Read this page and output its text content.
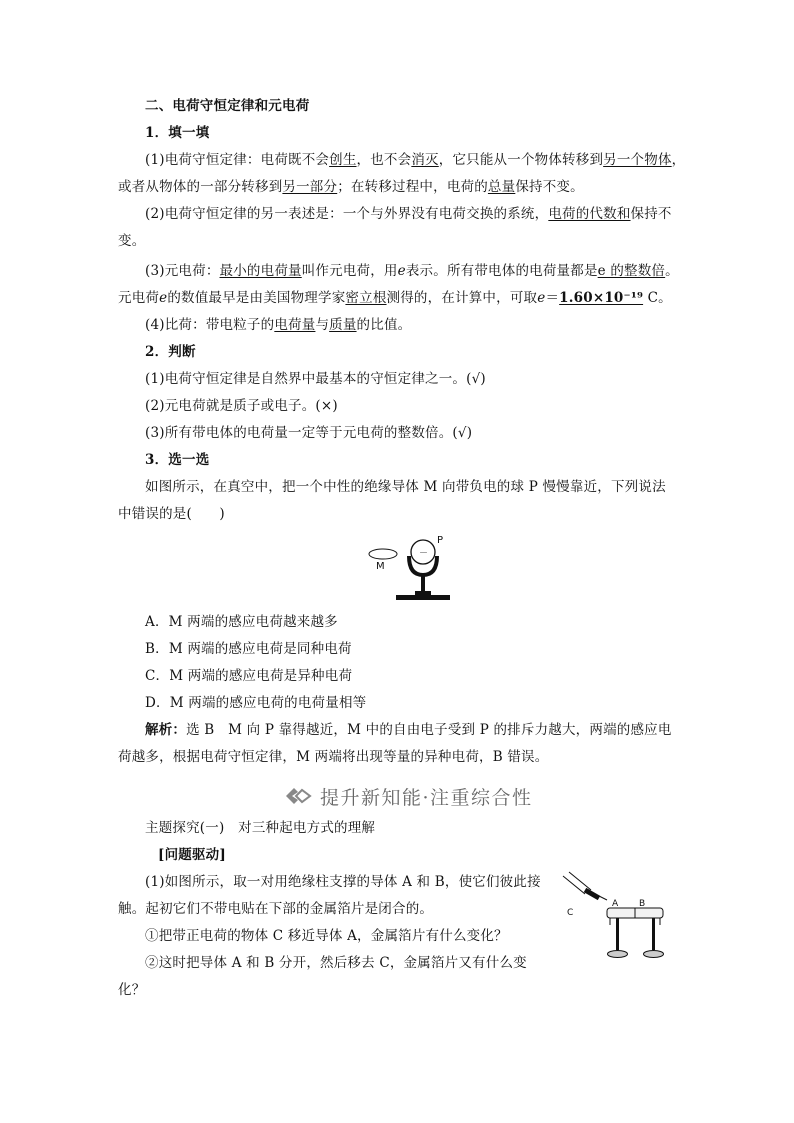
二、电荷守恒定律和元电荷
1．填一填
(1)电荷守恒定律：电荷既不会创生，也不会消灭，它只能从一个物体转移到另一个物体，
或者从物体的一部分转移到另一部分；在转移过程中，电荷的总量保持不变。
(2)电荷守恒定律的另一表述是：一个与外界没有电荷交换的系统，电荷的代数和保持不
变。
(3)元电荷：最小的电荷量叫作元电荷，用e表示。所有带电体的电荷量都是e 的整数倍。
元电荷e的数值最早是由美国物理学家密立根测得的，在计算中，可取e＝1.60×10⁻¹⁹ C。
(4)比荷：带电粒子的电荷量与质量的比值。
2．判断
(1)电荷守恒定律是自然界中最基本的守恒定律之一。(√)
(2)元电荷就是质子或电子。(×)
(3)所有带电体的电荷量一定等于元电荷的整数倍。(√)
3．选一选
如图所示，在真空中，把一个中性的绝缘导体 M 向带负电的球 P 慢慢靠近，下列说法
中错误的是(　　)
M
－
P
A．M 两端的感应电荷越来越多
B．M 两端的感应电荷是同种电荷
C．M 两端的感应电荷是异种电荷
D．M 两端的感应电荷的电荷量相等
解析：选 B　M 向 P 靠得越近，M 中的自由电子受到 P 的排斥力越大，两端的感应电
荷越多，根据电荷守恒定律，M 两端将出现等量的异种电荷，B 错误。
提升新知能·注重综合性
主题探究(一)　对三种起电方式的理解
[问题驱动]
(1)如图所示，取一对用绝缘柱支撑的导体 A 和 B，使它们彼此接
触。起初它们不带电贴在下部的金属箔片是闭合的。
①把带正电荷的物体 C 移近导体 A，金属箔片有什么变化？
②这时把导体 A 和 B 分开，然后移去 C，金属箔片又有什么变
化？
C
A B
